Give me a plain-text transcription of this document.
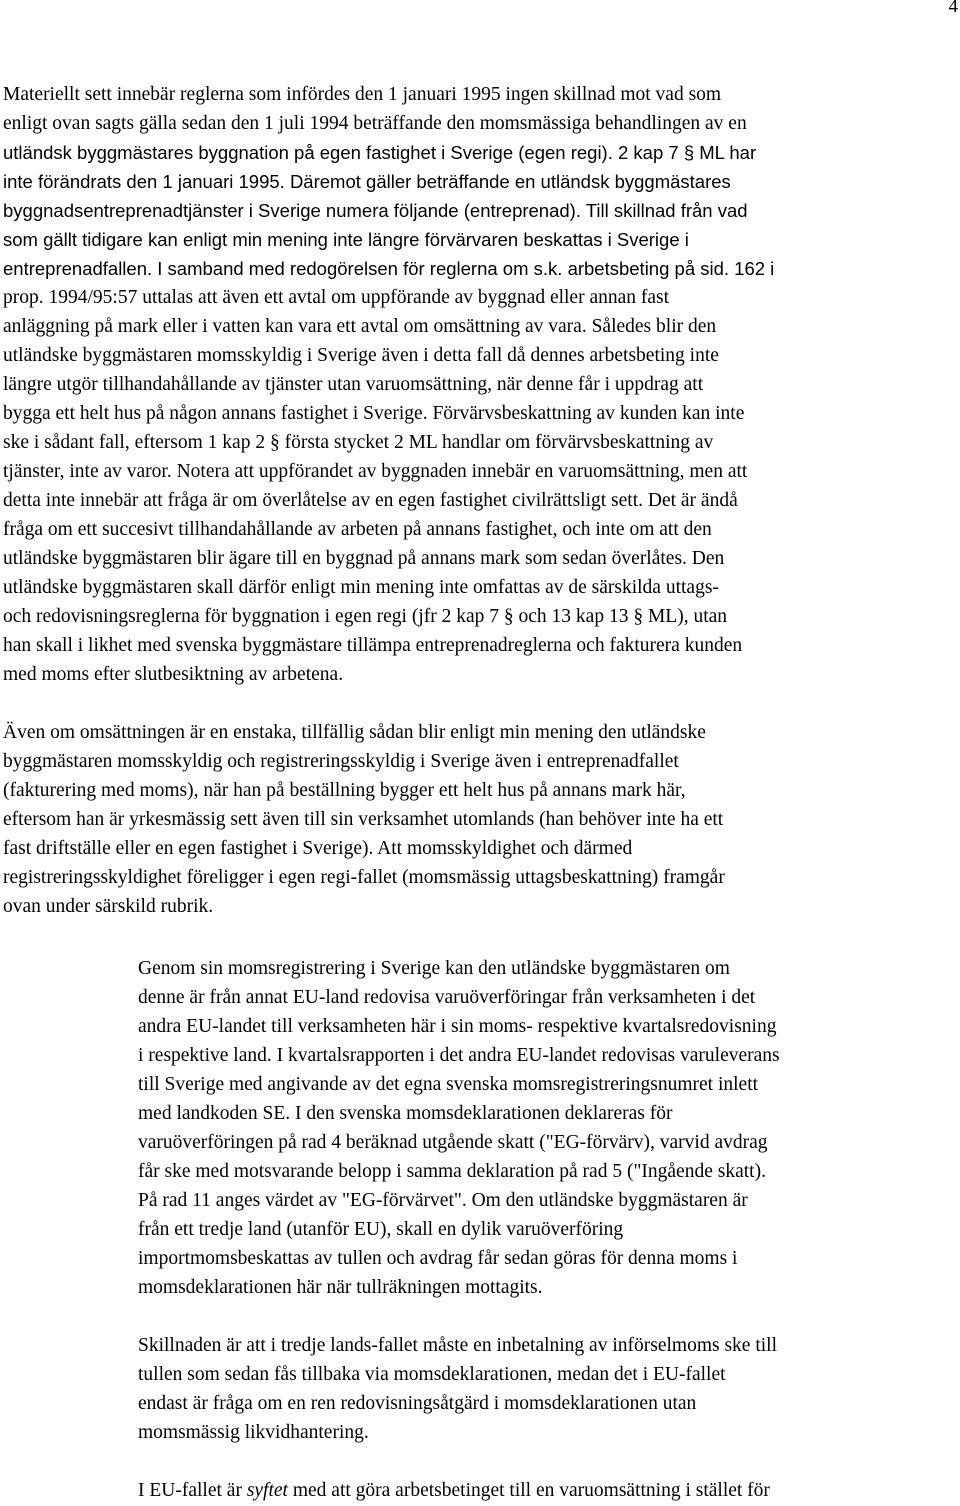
4
Materiellt sett innebär reglerna som infördes den 1 januari 1995 ingen skillnad mot vad som
enligt ovan sagts gälla sedan den 1 juli 1994 beträffande den momsmässiga behandlingen av en
utländsk byggmästares byggnation på egen fastighet i Sverige (egen regi). 2 kap 7 § ML har
inte förändrats den 1 januari 1995. Däremot gäller beträffande en utländsk byggmästares
byggnadsentreprenadtjänster i Sverige numera följande (entreprenad). Till skillnad från vad
som gällt tidigare kan enligt min mening inte längre förvärvaren beskattas i Sverige i
entreprenadfallen. I samband med redogörelsen för reglerna om s.k. arbetsbeting på sid. 162 i
prop. 1994/95:57 uttalas att även ett avtal om uppförande av byggnad eller annan fast
anläggning på mark eller i vatten kan vara ett avtal om omsättning av vara. Således blir den
utländske byggmästaren momsskyldig i Sverige även i detta fall då dennes arbetsbeting inte
längre utgör tillhandahållande av tjänster utan varuomsättning, när denne får i uppdrag att
bygga ett helt hus på någon annans fastighet i Sverige. Förvärvsbeskattning av kunden kan inte
ske i sådant fall, eftersom 1 kap 2 § första stycket 2 ML handlar om förvärvsbeskattning av
tjänster, inte av varor. Notera att uppförandet av byggnaden innebär en varuomsättning, men att
detta inte innebär att fråga är om överlåtelse av en egen fastighet civilrättsligt sett. Det är ändå
fråga om ett succesivt tillhandahållande av arbeten på annans fastighet, och inte om att den
utländske byggmästaren blir ägare till en byggnad på annans mark som sedan överlåtes. Den
utländske byggmästaren skall därför enligt min mening inte omfattas av de särskilda uttags-
och redovisningsreglerna för byggnation i egen regi (jfr 2 kap 7 § och 13 kap 13 § ML), utan
han skall i likhet med svenska byggmästare tillämpa entreprenadreglerna och fakturera kunden
med moms efter slutbesiktning av arbetena.
Även om omsättningen är en enstaka, tillfällig sådan blir enligt min mening den utländske
byggmästaren momsskyldig och registreringsskyldig i Sverige även i entreprenadfallet
(fakturering med moms), när han på beställning bygger ett helt hus på annans mark här,
eftersom han är yrkesmässig sett även till sin verksamhet utomlands (han behöver inte ha ett
fast driftställe eller en egen fastighet i Sverige). Att momsskyldighet och därmed
registreringsskyldighet föreligger i egen regi-fallet (momsmässig uttagsbeskattning) framgår
ovan under särskild rubrik.
Genom sin momsregistrering i Sverige kan den utländske byggmästaren om
denne är från annat EU-land redovisa varuöverföringar från verksamheten i det
andra EU-landet till verksamheten här i sin moms- respektive kvartalsredovisning
i respektive land. I kvartalsrapporten i det andra EU-landet redovisas varuleverans
till Sverige med angivande av det egna svenska momsregistreringsnumret inlett
med landkoden SE. I den svenska momsdeklarationen deklareras för
varuöverföringen på rad 4 beräknad utgående skatt ("EG-förvärv), varvid avdrag
får ske med motsvarande belopp i samma deklaration på rad 5 ("Ingående skatt).
På rad 11 anges värdet av "EG-förvärvet". Om den utländske byggmästaren är
från ett tredje land (utanför EU), skall en dylik varuöverföring
importmomsbeskattas av tullen och avdrag får sedan göras för denna moms i
momsdeklarationen här när tullräkningen mottagits.
Skillnaden är att i tredje lands-fallet måste en inbetalning av införselmoms ske till
tullen som sedan fås tillbaka via momsdeklarationen, medan det i EU-fallet
endast är fråga om en ren redovisningsåtgärd i momsdeklarationen utan
momsmässig likvidhantering.
I EU-fallet är syftet med att göra arbetsbetinget till en varuomsättning i stället för
